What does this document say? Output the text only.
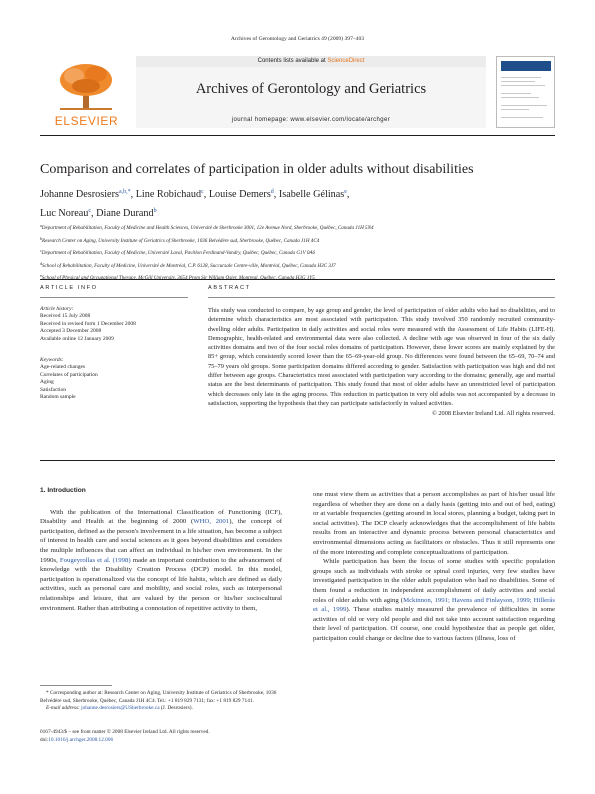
Archives of Gerontology and Geriatrics 49 (2009) 397–403
ELSEVIER
Contents lists available at ScienceDirect
Archives of Gerontology and Geriatrics
journal homepage: www.elsevier.com/locate/archger
Comparison and correlates of participation in older adults without disabilities
Johanne Desrosiers$^{a,b,*}$, Line Robichaud$^c$, Louise Demers$^d$, Isabelle Gélinas$^e$,
Luc Noreau$^c$, Diane Durand$^b$
$^a$Department of Rehabilitation, Faculty of Medicine and Health Sciences, Université de Sherbrooke 3001, 12e Avenue Nord, Sherbrooke, Québec, Canada J1H 5N4
$^b$Research Center on Aging, University Institute of Geriatrics of Sherbrooke, 1036 Belvédère sud, Sherbrooke, Québec, Canada J1H 4C4
$^c$Department of Rehabilitation, Faculty of Medicine, Université Laval, Pavillon Ferdinand-Vandry, Québec, Québec, Canada G1V 0A6
$^d$School of Rehabilitation, Faculty of Medicine, Université de Montréal, C.P. 6128, Succursale Centre-ville, Montréal, Québec, Canada H3C 3J7
$^e$School of Physical and Occupational Therapy, McGill University, 3654 Prom Sir William Osler, Montreal, Québec, Canada H3G 1Y5
ARTICLE INFO	ABSTRACT
Article history:
Received 15 July 2008
Received in revised form 1 December 2008
Accepted 3 December 2008
Available online 12 January 2009
Keywords:
Age-related changes
Correlates of participation
Aging
Satisfaction
Random sample
This study was conducted to compare, by age group and gender, the level of participation of older adults who had no disabilities, and to determine which characteristics are most associated with participation. This study involved 350 randomly recruited community-dwelling older adults. Participation in daily activities and social roles were measured with the Assessment of Life Habits (LIFE-H). Demographic, health-related and environmental data were also collected. A decline with age was observed in four of the six daily activities domains and two of the four social roles domains of participation. However, these lower scores are mainly explained by the 85+ group, which consistently scored lower than the 65–69-year-old group. No differences were found between the 65–69, 70–74 and 75–79 years old groups. Some participation domains differed according to gender. Satisfaction with participation was high and did not differ between age groups. Characteristics most associated with participation vary according to the domains; generally, age and marital status are the best determinants of participation. This study found that most of older adults have an unrestricted level of participation which decreases only late in the aging process. This reduction in participation in very old adults was not accompanied by a decrease in satisfaction, supporting the hypothesis that they can participate satisfactorily in valued activities.
© 2008 Elsevier Ireland Ltd. All rights reserved.
1. Introduction

With the publication of the International Classification of Functioning (ICF), Disability and Health at the beginning of 2000 (WHO, 2001), the concept of participation, defined as the person's involvement in a life situation, has become a subject of interest in health care and social sciences as it goes beyond disabilities and considers the multiple influences that can affect an individual in his/her own environment. In the 1990s, Fougeyrollas et al. (1998) made an important contribution to the advancement of knowledge with the Disability Creation Process (DCP) model. In this model, participation is operationalized via the concept of life habits, which are defined as daily activities, such as personal care and mobility, and social roles, such as interpersonal relationships and leisure, that are valued by the person or his/her sociocultural environment. Rather than attributing a connotation of repetitive activity to them,

one must view them as activities that a person accomplishes as part of his/her usual life regardless of whether they are done on a daily basis (getting into and out of bed, eating) or at variable frequencies (getting around in local stores, planning a budget, taking part in social activities). The DCP clearly acknowledges that the accomplishment of life habits results from an interactive and dynamic process between personal characteristics and environmental dimensions acting as facilitators or obstacles. Thus it still represents one of the more interesting and complete conceptualizations of participation.

While participation has been the focus of some studies with specific population groups such as individuals with stroke or spinal cord injuries, very few studies have investigated participation in the older adult population who had no disabilities. Some of them found a reduction in independent accomplishment of daily activities and social roles of older adults with aging (Mckinnon, 1991; Havens and Finlayson, 1999; Hillerås et al., 1999). These studies mainly measured the prevalence of difficulties in some activities of old or very old people and did not take into account satisfaction regarding their level of participation. Of course, one could hypothesize that as people get older, participation could change or decline due to various factors (illness, loss of

* Corresponding author at: Research Center on Aging, University Institute of Geriatrics of Sherbrooke, 1036 Belvédère sud, Sherbrooke, Québec, Canada J1H 4C4. Tel.: +1 819 829 7131; fax: +1 819 829 7141.

E-mail address: johanne.desrosiers@USherbrooke.ca (J. Desrosiers).

0167-4943/$ – see front matter © 2008 Elsevier Ireland Ltd. All rights reserved.
doi:10.1016/j.archger.2008.12.006
